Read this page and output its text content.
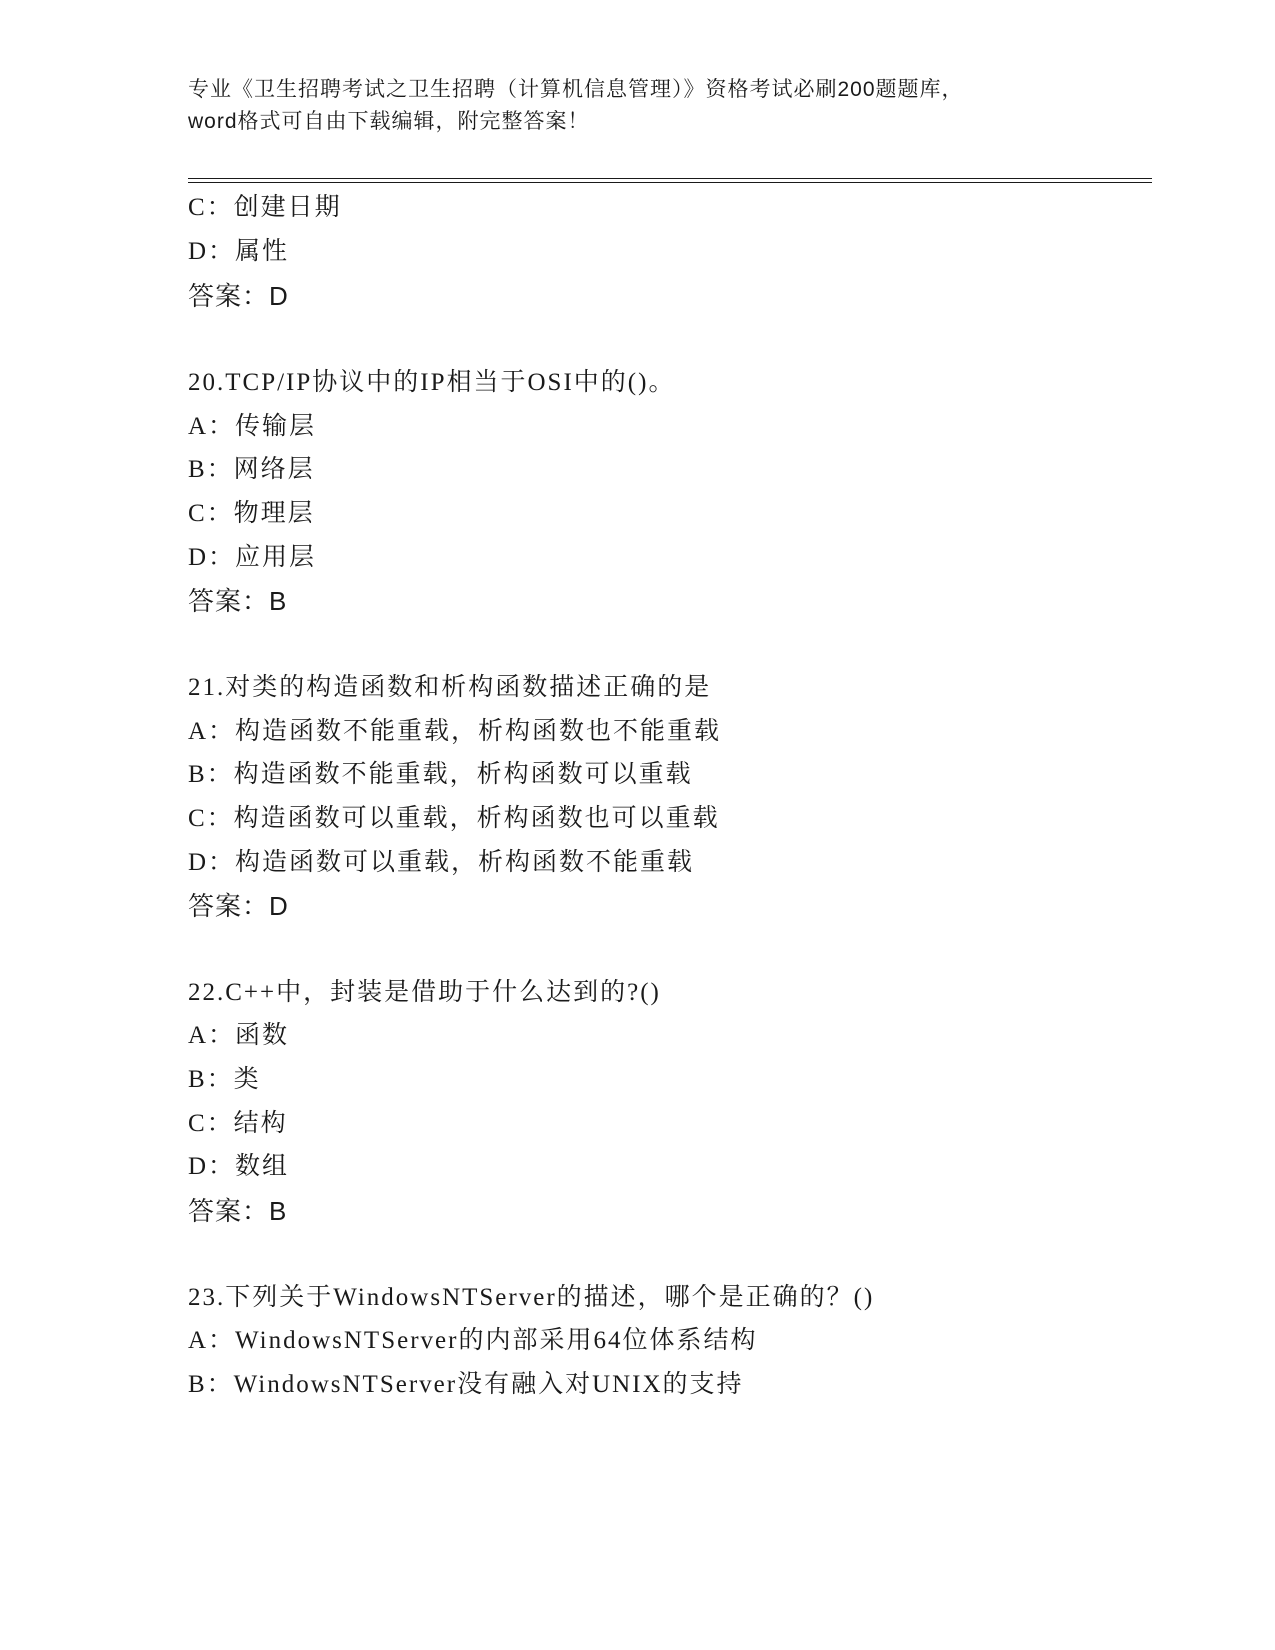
专业《卫生招聘考试之卫生招聘（计算机信息管理）》资格考试必刷200题题库，
word格式可自由下载编辑，附完整答案！
C：创建日期
D：属性
答案：D
20.TCP/IP协议中的IP相当于OSI中的()。
A：传输层
B：网络层
C：物理层
D：应用层
答案：B
21.对类的构造函数和析构函数描述正确的是
A：构造函数不能重载，析构函数也不能重载
B：构造函数不能重载，析构函数可以重载
C：构造函数可以重载，析构函数也可以重载
D：构造函数可以重载，析构函数不能重载
答案：D
22.C++中，封装是借助于什么达到的?()
A：函数
B：类
C：结构
D：数组
答案：B
23.下列关于WindowsNTServer的描述，哪个是正确的？()
A：WindowsNTServer的内部采用64位体系结构
B：WindowsNTServer没有融入对UNIX的支持
